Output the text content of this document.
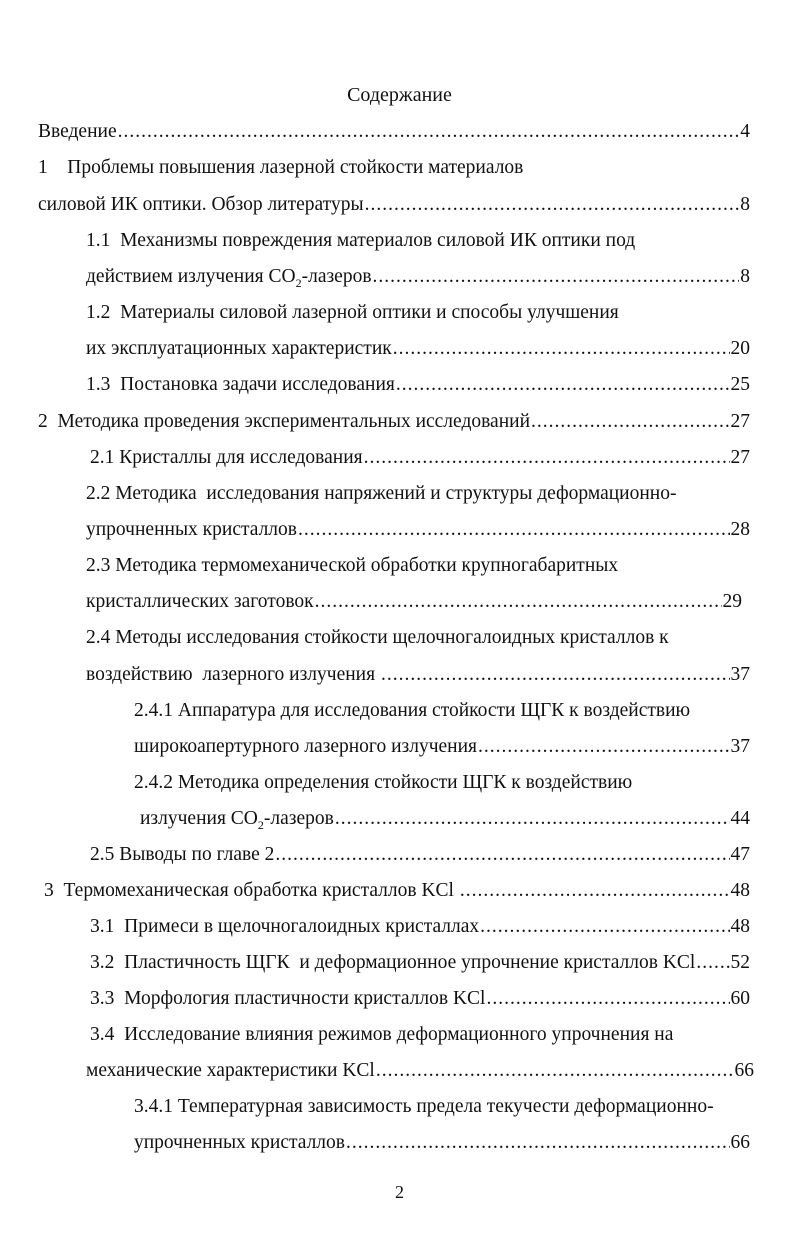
Содержание
Введение .....	4
1    Проблемы повышения лазерной стойкости материалов
силовой ИК оптики. Обзор литературы .....	8
1.1  Механизмы повреждения материалов силовой ИК оптики под
действием излучения $CO_2$-лазеров .....	8
1.2  Материалы силовой лазерной оптики и способы улучшения
их эксплуатационных характеристик .....	20
1.3  Постановка задачи исследования .....	25
2  Методика проведения экспериментальных исследований .....	27
2.1 Кристаллы для исследования .....	27
2.2 Методика  исследования напряжений и структуры деформационно-
упрочненных кристаллов .....	28
2.3 Методика термомеханической обработки крупногабаритных
кристаллических заготовок .....	29
2.4 Методы исследования стойкости щелочногалоидных кристаллов к
воздействию  лазерного излучения .....	37
2.4.1 Аппаратура для исследования стойкости ЩГК к воздействию
широкоапертурного лазерного излучения .....	37
2.4.2 Методика определения стойкости ЩГК к воздействию
излучения $CO_2$-лазеров .....	44
2.5 Выводы по главе 2 .....	47
3  Термомеханическая обработка кристаллов KCl .....	48
3.1  Примеси в щелочногалоидных кристаллах .....	48
3.2  Пластичность ЩГК  и деформационное упрочнение кристаллов KCl ..... 52
3.3  Морфология пластичности кристаллов KCl .....	60
3.4  Исследование влияния режимов деформационного упрочнения на
механические характеристики KCl .....	66
3.4.1 Температурная зависимость предела текучести деформационно-
упрочненных кристаллов .....	66
2
